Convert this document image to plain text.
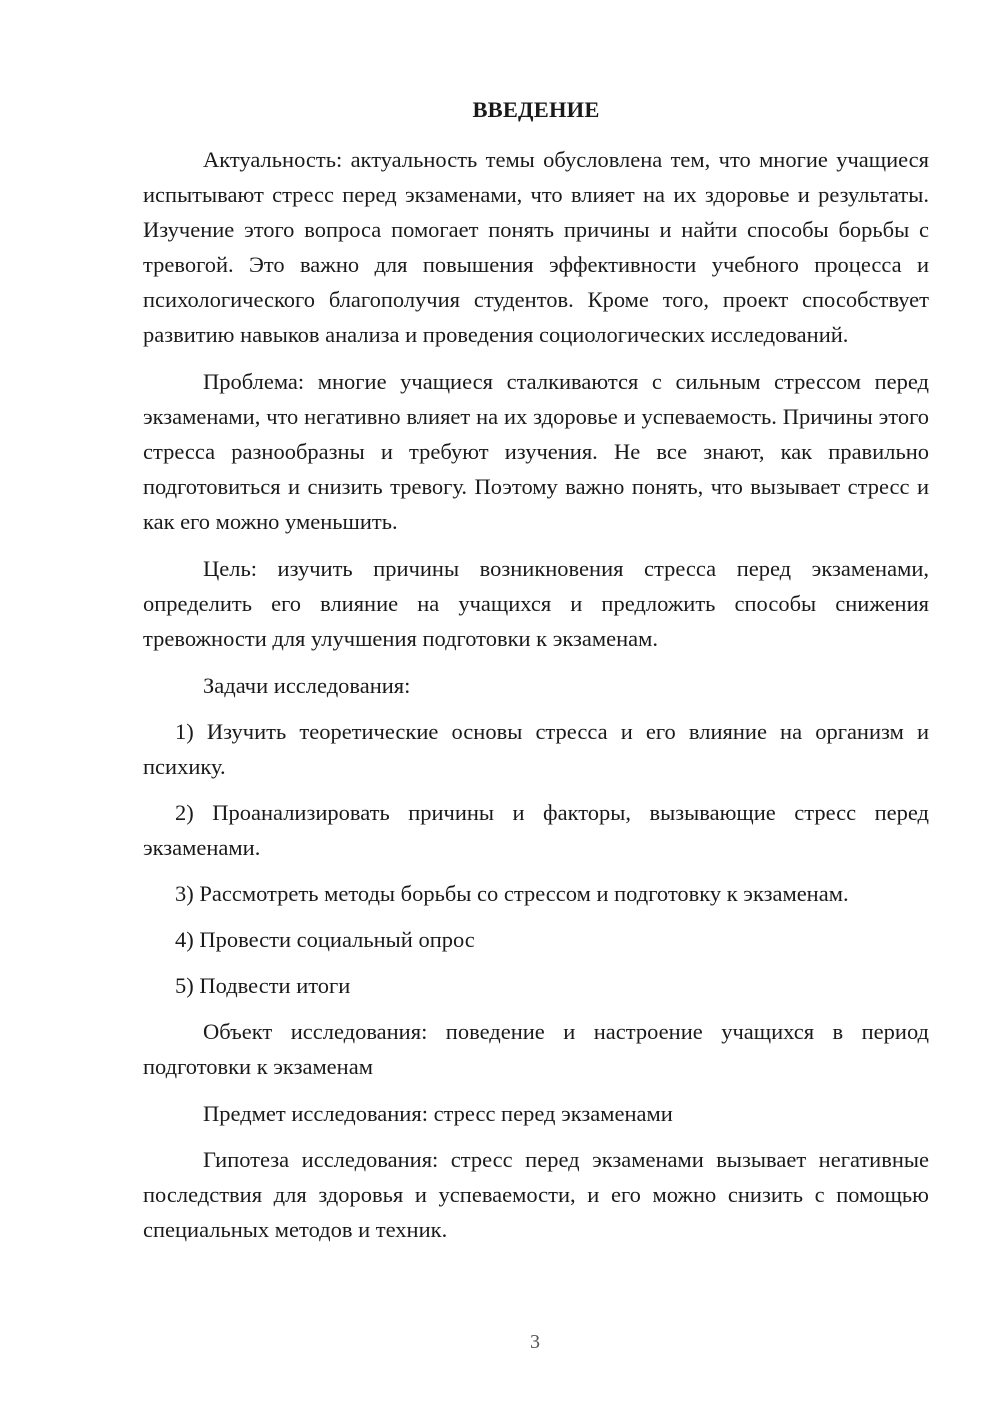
ВВЕДЕНИЕ

Актуальность: актуальность темы обусловлена тем, что многие учащиеся испытывают стресс перед экзаменами, что влияет на их здоровье и результаты. Изучение этого вопроса помогает понять причины и найти способы борьбы с тревогой. Это важно для повышения эффективности учебного процесса и психологического благополучия студентов. Кроме того, проект способствует развитию навыков анализа и проведения социологических исследований.

Проблема: многие учащиеся сталкиваются с сильным стрессом перед экзаменами, что негативно влияет на их здоровье и успеваемость. Причины этого стресса разнообразны и требуют изучения. Не все знают, как правильно подготовиться и снизить тревогу. Поэтому важно понять, что вызывает стресс и как его можно уменьшить.

Цель: изучить причины возникновения стресса перед экзаменами, определить его влияние на учащихся и предложить способы снижения тревожности для улучшения подготовки к экзаменам.

Задачи исследования:

1) Изучить теоретические основы стресса и его влияние на организм и психику.

2) Проанализировать причины и факторы, вызывающие стресс перед экзаменами.

3) Рассмотреть методы борьбы со стрессом и подготовку к экзаменам.

4) Провести социальный опрос

5) Подвести итоги

Объект исследования: поведение и настроение учащихся в период подготовки к экзаменам

Предмет исследования: стресс перед экзаменами

Гипотеза исследования: стресс перед экзаменами вызывает негативные последствия для здоровья и успеваемости, и его можно снизить с помощью специальных методов и техник.

3
